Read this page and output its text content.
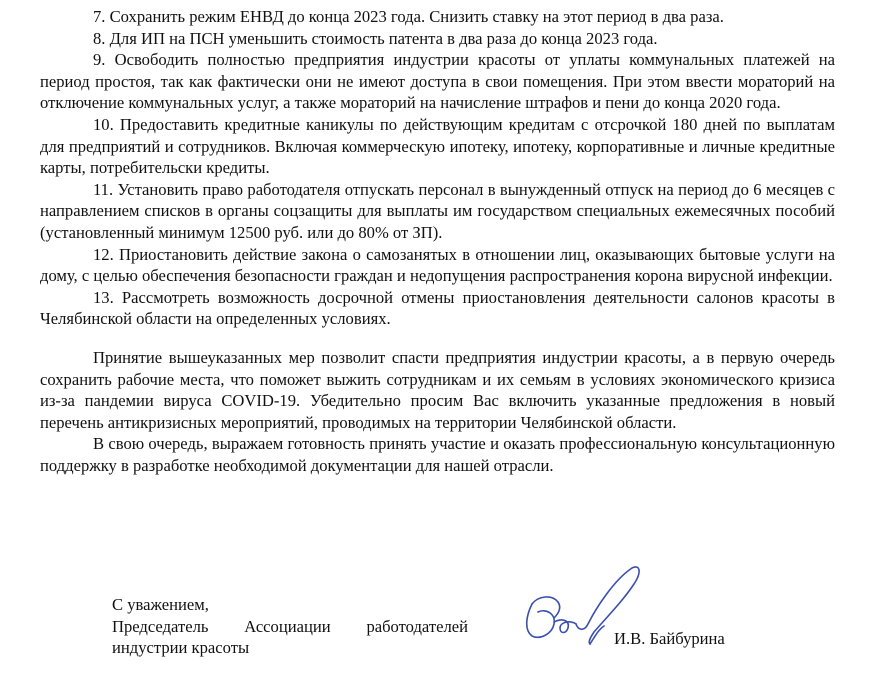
7. Сохранить режим ЕНВД до конца 2023 года. Снизить ставку на этот период в два раза.

8. Для ИП на ПСН уменьшить стоимость патента в два раза до конца 2023 года.

9. Освободить полностью предприятия индустрии красоты от уплаты коммунальных платежей на период простоя, так как фактически они не имеют доступа в свои помещения. При этом ввести мораторий на отключение коммунальных услуг, а также мораторий на начисление штрафов и пени до конца 2020 года.

10. Предоставить кредитные каникулы по действующим кредитам с отсрочкой 180 дней по выплатам для предприятий и сотрудников. Включая коммерческую ипотеку, ипотеку, корпоративные и личные кредитные карты, потребительски кредиты.

11. Установить право работодателя отпускать персонал в вынужденный отпуск на период до 6 месяцев с направлением списков в органы соцзащиты для выплаты им государством специальных ежемесячных пособий (установленный минимум 12500 руб. или до 80% от ЗП).

12. Приостановить действие закона о самозанятых в отношении лиц, оказывающих бытовые услуги на дому, с целью обеспечения безопасности граждан и недопущения распространения корона вирусной инфекции.

13. Рассмотреть возможность досрочной отмены приостановления деятельности салонов красоты в Челябинской области на определенных условиях.

Принятие вышеуказанных мер позволит спасти предприятия индустрии красоты, а в первую очередь сохранить рабочие места, что поможет выжить сотрудникам и их семьям в условиях экономического кризиса из-за пандемии вируса COVID-19. Убедительно просим Вас включить указанные предложения в новый перечень антикризисных мероприятий, проводимых на территории Челябинской области.

В свою очередь, выражаем готовность принять участие и оказать профессиональную консультационную поддержку в разработке необходимой документации для нашей отрасли.

С уважением,
Председатель Ассоциации работодателей
индустрии красоты	И.В. Байбурина
